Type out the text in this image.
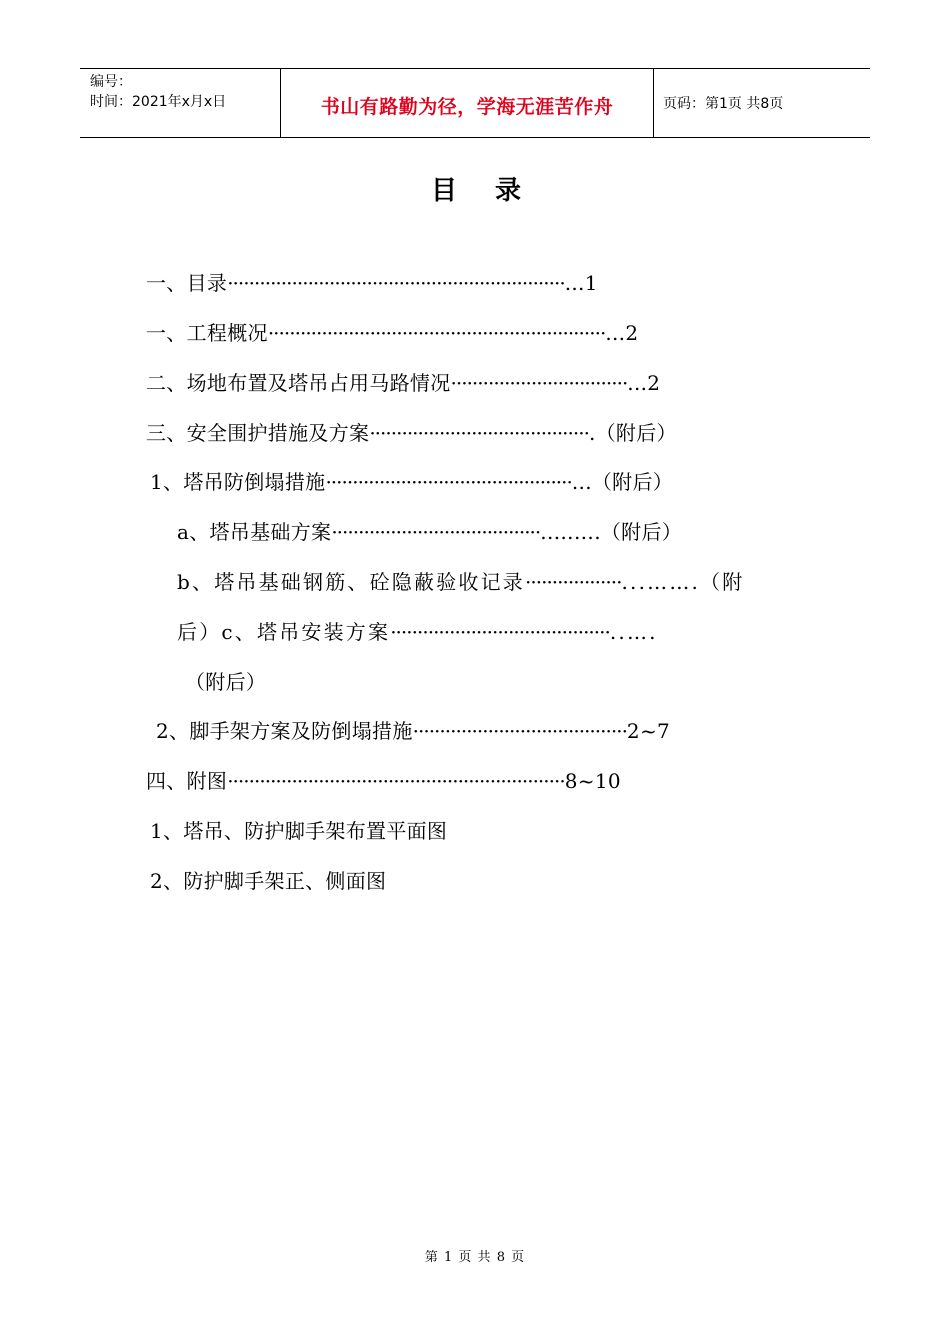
编号：
时间：2021年x月x日	书山有路勤为径，学海无涯苦作舟	页码：第1页 共8页
目录
一、目录·······························································...1
一、工程概况·······························································...2
二、场地布置及塔吊占用马路情况·································...2
三、安全围护措施及方案·········································.（附后）
1、塔吊防倒塌措施··············································...（附后）
a、塔吊基础方案·······································..…….（附后）
b、塔吊基础钢筋、砼隐蔽验收记录··················...…….（附
后）c、塔吊安装方案·········································..….
（附后）
2、脚手架方案及防倒塌措施········································2~7
四、附图·······························································8~10
1、塔吊、防护脚手架布置平面图
2、防护脚手架正、侧面图
第 1 页 共 8 页
